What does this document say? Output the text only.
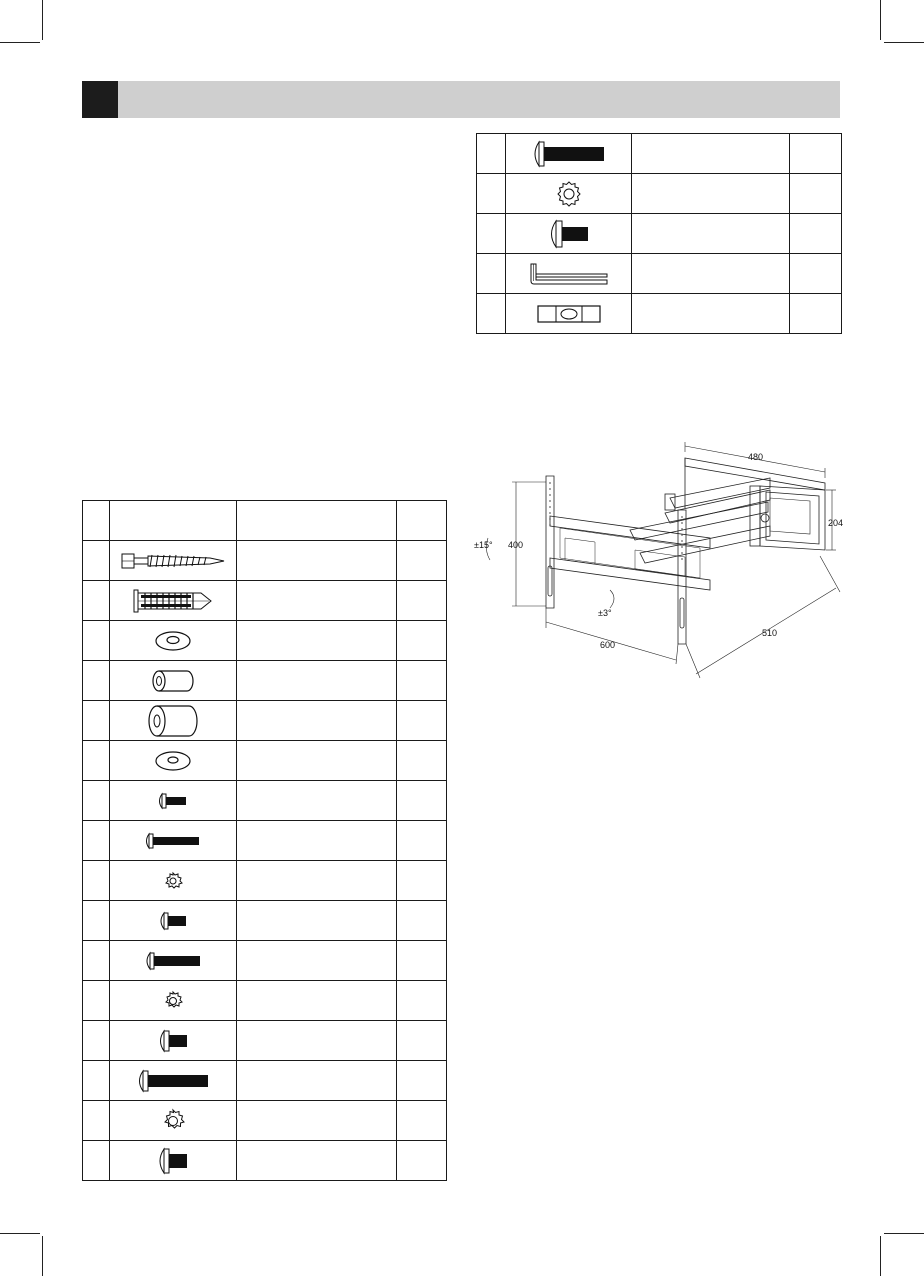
480
204
400
600
510
±15°
±3°
